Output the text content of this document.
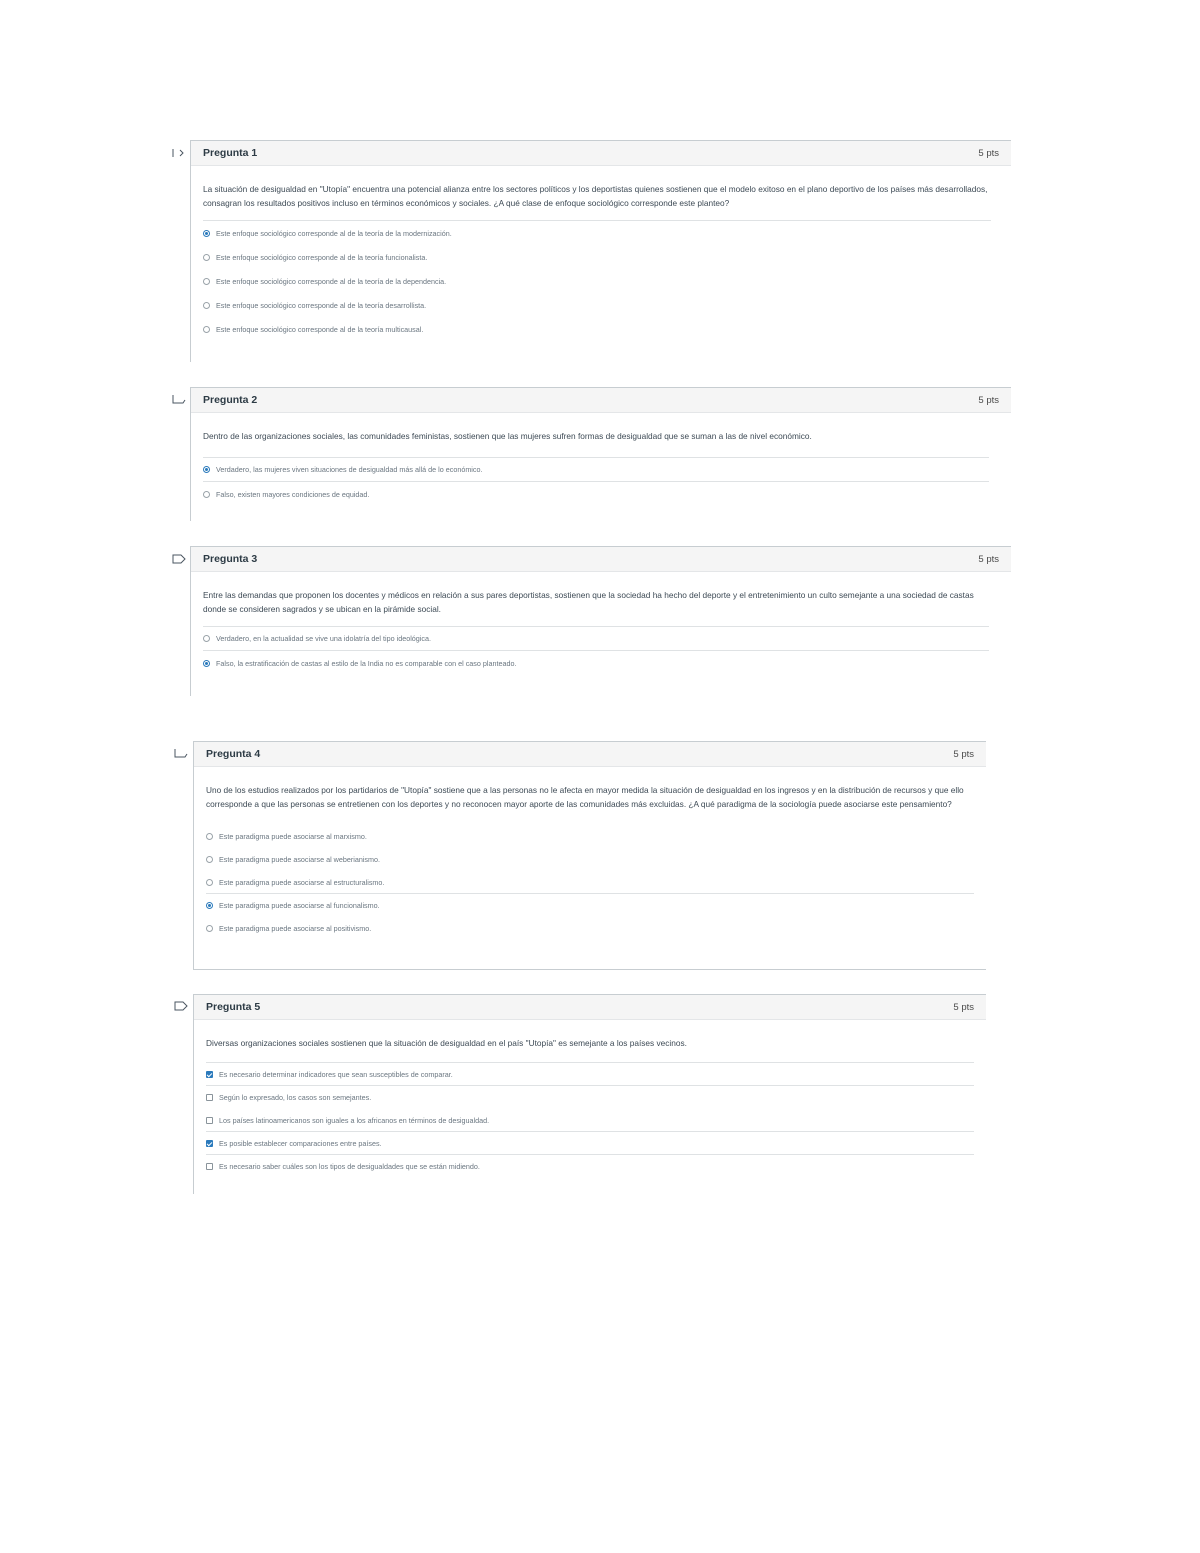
Pregunta 1	5 pts

La situación de desigualdad en "Utopía" encuentra una potencial alianza entre los sectores políticos y los deportistas quienes sostienen que el modelo exitoso en el plano deportivo de los países más desarrollados, consagran los resultados positivos incluso en términos económicos y sociales. ¿A qué clase de enfoque sociológico corresponde este planteo?

Este enfoque sociológico corresponde al de la teoría de la modernización.
Este enfoque sociológico corresponde al de la teoría funcionalista.
Este enfoque sociológico corresponde al de la teoría de la dependencia.
Este enfoque sociológico corresponde al de la teoría desarrollista.
Este enfoque sociológico corresponde al de la teoría multicausal.
Pregunta 2	5 pts

Dentro de las organizaciones sociales, las comunidades feministas, sostienen que las mujeres sufren formas de desigualdad que se suman a las de nivel económico.

Verdadero, las mujeres viven situaciones de desigualdad más allá de lo económico.
Falso, existen mayores condiciones de equidad.
Pregunta 3	5 pts

Entre las demandas que proponen los docentes y médicos en relación a sus pares deportistas, sostienen que la sociedad ha hecho del deporte y el entretenimiento un culto semejante a una sociedad de castas donde se consideren sagrados y se ubican en la pirámide social.

Verdadero, en la actualidad se vive una idolatría del tipo ideológica.
Falso, la estratificación de castas al estilo de la India no es comparable con el caso planteado.
Pregunta 4	5 pts

Uno de los estudios realizados por los partidarios de "Utopía" sostiene que a las personas no le afecta en mayor medida la situación de desigualdad en los ingresos y en la distribución de recursos y que ello corresponde a que las personas se entretienen con los deportes y no reconocen mayor aporte de las comunidades más excluidas. ¿A qué paradigma de la sociología puede asociarse este pensamiento?

Este paradigma puede asociarse al marxismo.
Este paradigma puede asociarse al weberianismo.
Este paradigma puede asociarse al estructuralismo.
Este paradigma puede asociarse al funcionalismo.
Este paradigma puede asociarse al positivismo.
Pregunta 5	5 pts

Diversas organizaciones sociales sostienen que la situación de desigualdad en el país "Utopía" es semejante a los países vecinos.

Es necesario determinar indicadores que sean susceptibles de comparar.
Según lo expresado, los casos son semejantes.
Los países latinoamericanos son iguales a los africanos en términos de desigualdad.
Es posible establecer comparaciones entre países.
Es necesario saber cuáles son los tipos de desigualdades que se están midiendo.
